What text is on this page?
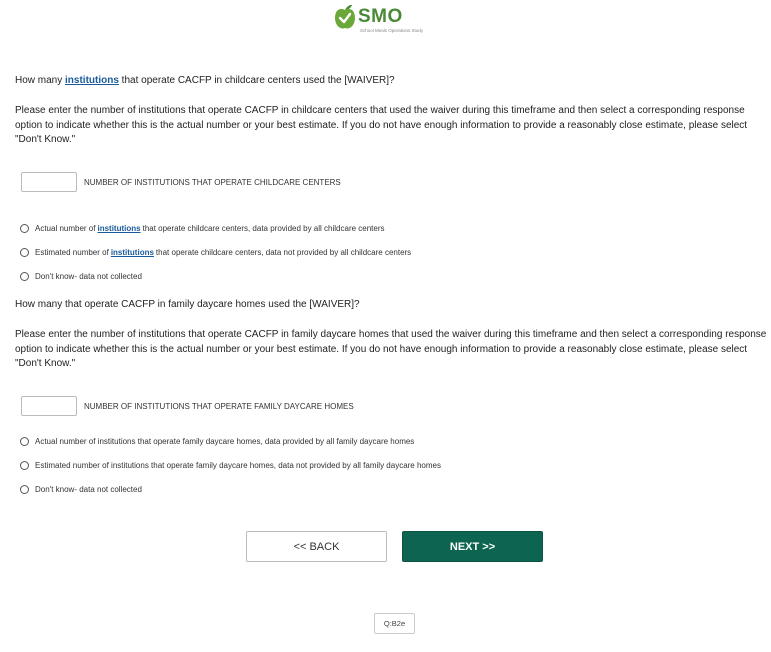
SMO
School Meals Operations Study

How many institutions that operate CACFP in childcare centers used the [WAIVER]?

Please enter the number of institutions that operate CACFP in childcare centers that used the waiver during this timeframe and then select a corresponding response option to indicate whether this is the actual number or your best estimate. If you do not have enough information to provide a reasonably close estimate, please select "Don't Know."

NUMBER OF INSTITUTIONS THAT OPERATE CHILDCARE CENTERS
Actual number of institutions that operate childcare centers, data provided by all childcare centers
Estimated number of institutions that operate childcare centers, data not provided by all childcare centers
Don't know- data not collected

How many that operate CACFP in family daycare homes used the [WAIVER]?

Please enter the number of institutions that operate CACFP in family daycare homes that used the waiver during this timeframe and then select a corresponding response option to indicate whether this is the actual number or your best estimate. If you do not have enough information to provide a reasonably close estimate, please select "Don't Know."

NUMBER OF INSTITUTIONS THAT OPERATE FAMILY DAYCARE HOMES
Actual number of institutions that operate family daycare homes, data provided by all family daycare homes
Estimated number of institutions that operate family daycare homes, data not provided by all family daycare homes
Don't know- data not collected
<< BACK	NEXT >>
Q:B2e
